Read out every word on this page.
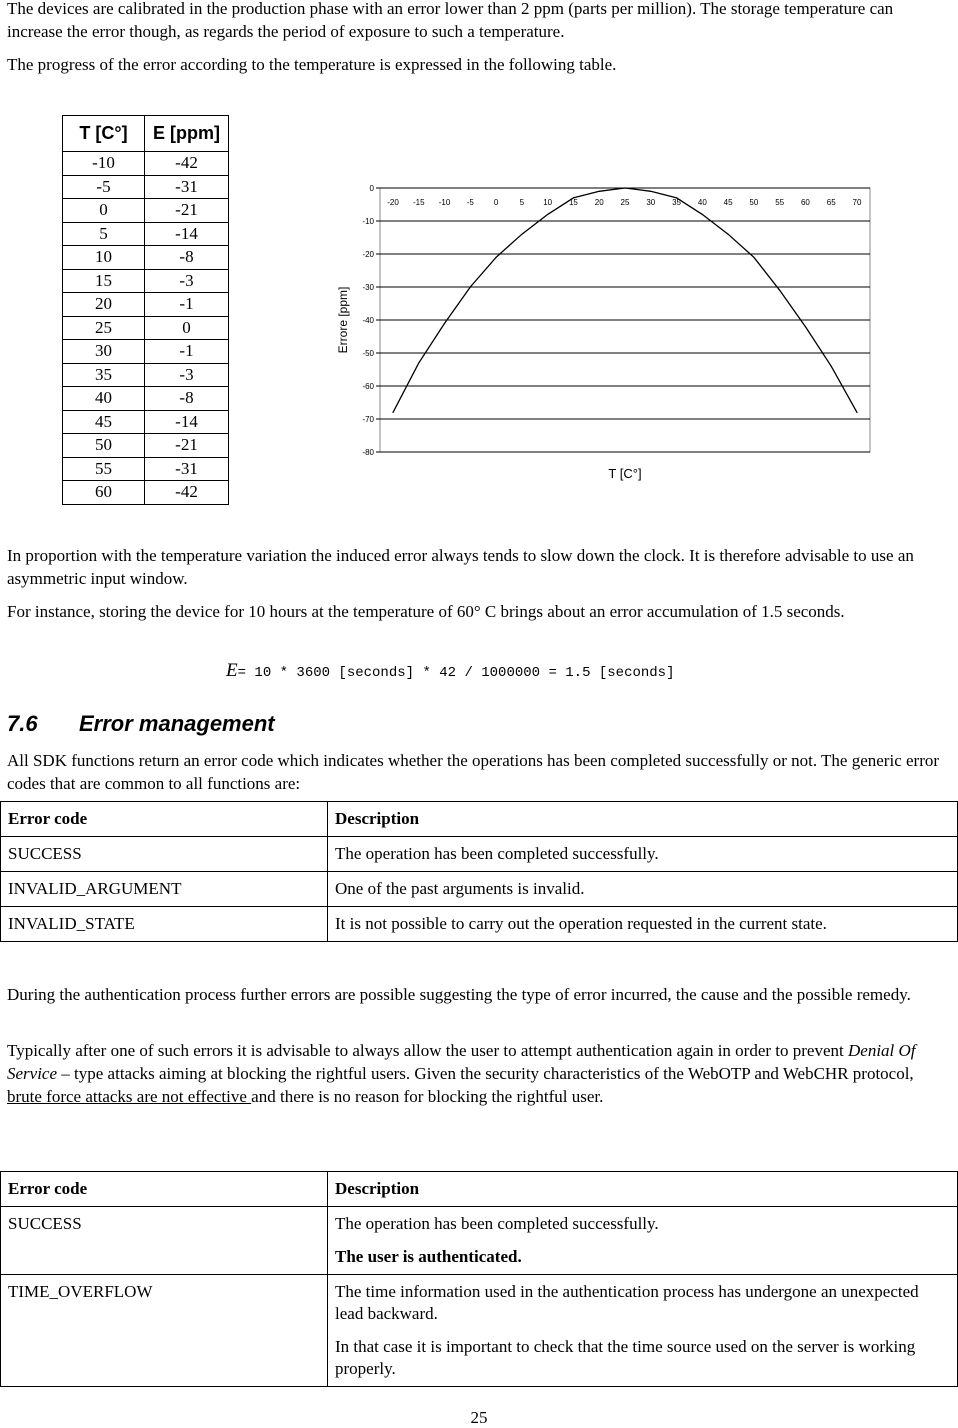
The devices are calibrated in the production phase with an error lower than 2 ppm (parts per million). The storage temperature can increase the error though, as regards the period of exposure to such a temperature.

The progress of the error according to the temperature is expressed in the following table.

T [C°]	E [ppm]
-10	-42
-5	-31
0	-21
5	-14
10	-8
15	-3
20	-1
25	0
30	-1
35	-3
40	-8
45	-14
50	-21
55	-31
60	-42
0
-10
-20
-30
-40
-50
-60
-70
-80
-20 -15 -10 -5 0	5 10 15 20 25 30 35 40 45 50 55 60 65 70
Errore [ppm]
T [C°]

In proportion with the temperature variation the induced error always tends to slow down the clock. It is therefore advisable to use an asymmetric input window.

For instance, storing the device for 10 hours at the temperature of 60° C brings about an error accumulation of 1.5 seconds.

E= 10 * 3600 [seconds] * 42 / 1000000 = 1.5 [seconds]
7.6 Error management

All SDK functions return an error code which indicates whether the operations has been completed successfully or not. The generic error codes that are common to all functions are:

Error code	Description
SUCCESS	The operation has been completed successfully.
INVALID_ARGUMENT	One of the past arguments is invalid.
INVALID_STATE	It is not possible to carry out the operation requested in the current state.

During the authentication process further errors are possible suggesting the type of error incurred, the cause and the possible remedy.

Typically after one of such errors it is advisable to always allow the user to attempt authentication again in order to prevent Denial Of Service – type attacks aiming at blocking the rightful users. Given the security characteristics of the WebOTP and WebCHR protocol, brute force attacks are not effective and there is no reason for blocking the rightful user.

Error code	Description
SUCCESS	The operation has been completed successfully.

The user is authenticated.

TIME_OVERFLOW	The time information used in the authentication process has undergone an unexpected lead backward.

In that case it is important to check that the time source used on the server is working properly.

25
